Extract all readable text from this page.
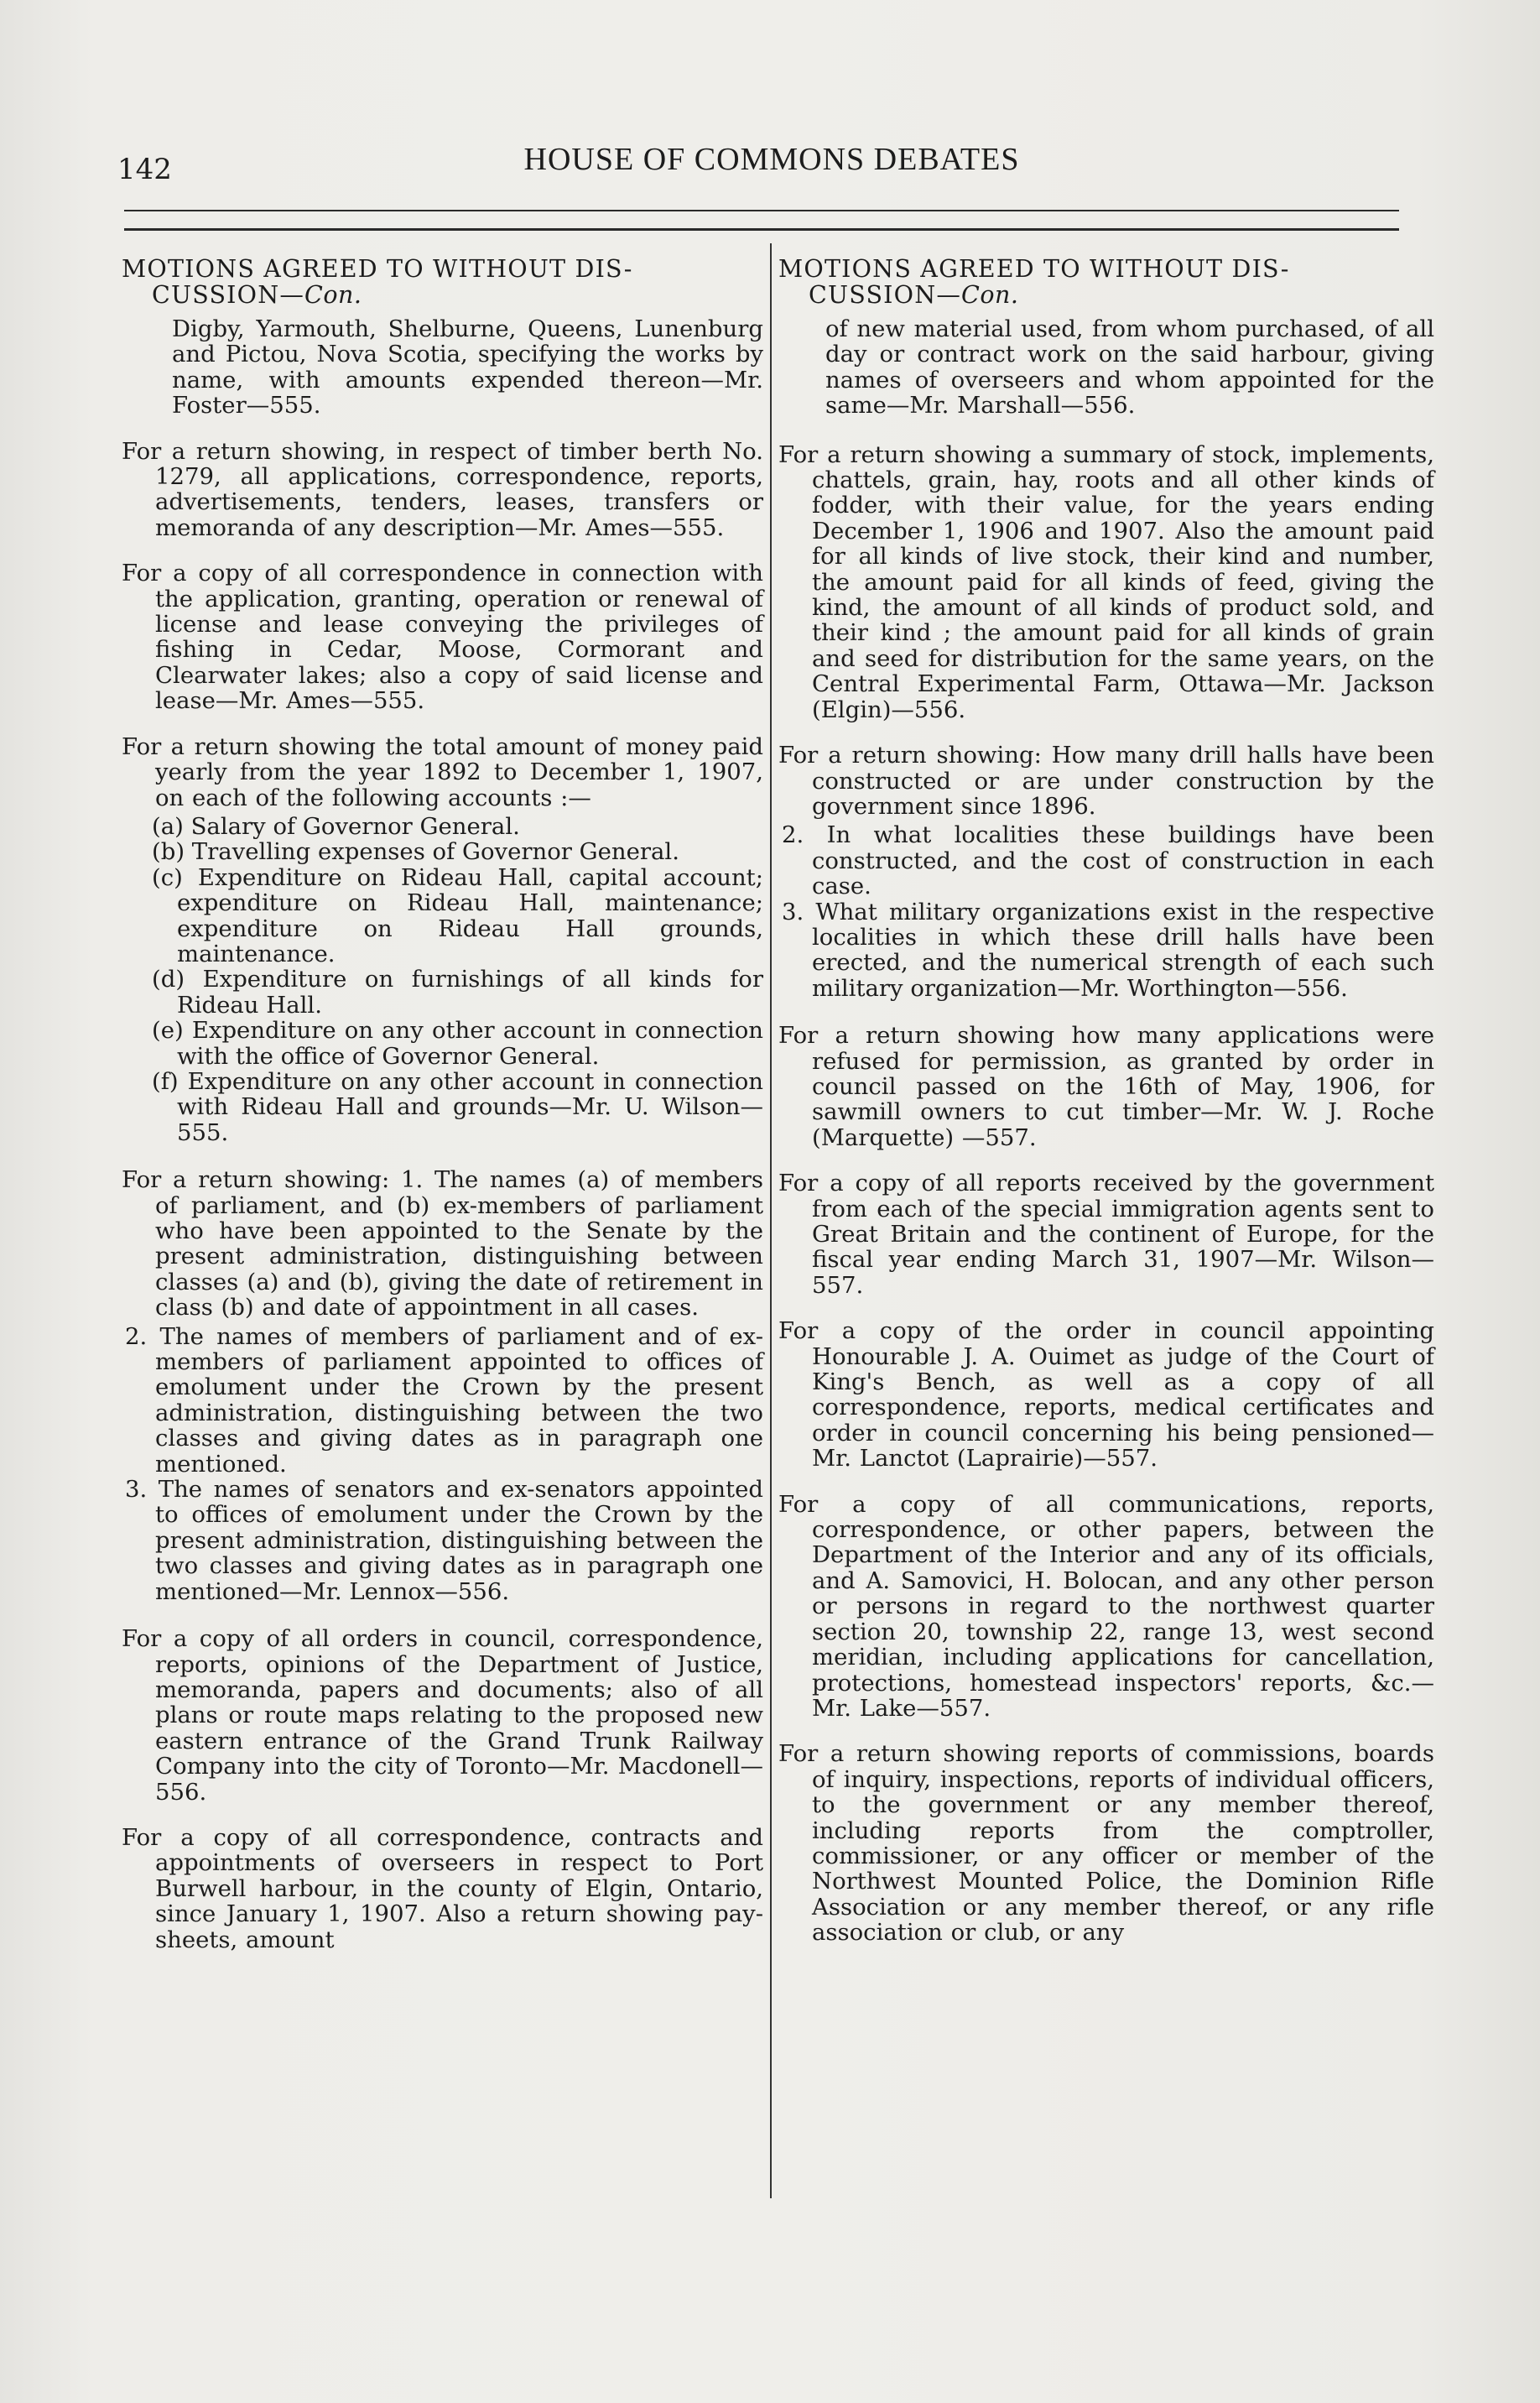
142	HOUSE OF COMMONS DEBATES
MOTIONS AGREED TO WITHOUT DIS-
CUSSION—Con.

Digby, Yarmouth, Shelburne, Queens, Lunenburg and Pictou, Nova Scotia, specifying the works by name, with amounts expended thereon—Mr. Foster—555.

For a return showing, in respect of timber berth No. 1279, all applications, correspondence, reports, advertisements, tenders, leases, transfers or memoranda of any description—Mr. Ames—555.

For a copy of all correspondence in connection with the application, granting, operation or renewal of license and lease conveying the privileges of fishing in Cedar, Moose, Cormorant and Clearwater lakes; also a copy of said license and lease—Mr. Ames—555.

For a return showing the total amount of money paid yearly from the year 1892 to December 1, 1907, on each of the following accounts :—

(a) Salary of Governor General.

(b) Travelling expenses of Governor General.

(c) Expenditure on Rideau Hall, capital account; expenditure on Rideau Hall, maintenance; expenditure on Rideau Hall grounds, maintenance.

(d) Expenditure on furnishings of all kinds for Rideau Hall.

(e) Expenditure on any other account in connection with the office of Governor General.

(f) Expenditure on any other account in connection with Rideau Hall and grounds—Mr. U. Wilson—555.

For a return showing: 1. The names (a) of members of parliament, and (b) ex-members of parliament who have been appointed to the Senate by the present administration, distinguishing between classes (a) and (b), giving the date of retirement in class (b) and date of appointment in all cases.

2. The names of members of parliament and of ex-members of parliament appointed to offices of emolument under the Crown by the present administration, distinguishing between the two classes and giving dates as in paragraph one mentioned.

3. The names of senators and ex-senators appointed to offices of emolument under the Crown by the present administration, distinguishing between the two classes and giving dates as in paragraph one mentioned—Mr. Lennox—556.

For a copy of all orders in council, correspondence, reports, opinions of the Department of Justice, memoranda, papers and documents; also of all plans or route maps relating to the proposed new eastern entrance of the Grand Trunk Railway Company into the city of Toronto—Mr. Macdonell—556.

For a copy of all correspondence, contracts and appointments of overseers in respect to Port Burwell harbour, in the county of Elgin, Ontario, since January 1, 1907. Also a return showing pay-sheets, amount

MOTIONS AGREED TO WITHOUT DIS-
CUSSION—Con.

of new material used, from whom purchased, of all day or contract work on the said harbour, giving names of overseers and whom appointed for the same—Mr. Marshall—556.

For a return showing a summary of stock, implements, chattels, grain, hay, roots and all other kinds of fodder, with their value, for the years ending December 1, 1906 and 1907. Also the amount paid for all kinds of live stock, their kind and number, the amount paid for all kinds of feed, giving the kind, the amount of all kinds of product sold, and their kind ; the amount paid for all kinds of grain and seed for distribution for the same years, on the Central Experimental Farm, Ottawa—Mr. Jackson (Elgin)—556.

For a return showing: How many drill halls have been constructed or are under construction by the government since 1896.

2. In what localities these buildings have been constructed, and the cost of construction in each case.

3. What military organizations exist in the respective localities in which these drill halls have been erected, and the numerical strength of each such military organization—Mr. Worthington—556.

For a return showing how many applications were refused for permission, as granted by order in council passed on the 16th of May, 1906, for sawmill owners to cut timber—Mr. W. J. Roche (Marquette) —557.

For a copy of all reports received by the government from each of the special immigration agents sent to Great Britain and the continent of Europe, for the fiscal year ending March 31, 1907—Mr. Wilson—557.

For a copy of the order in council appointing Honourable J. A. Ouimet as judge of the Court of King's Bench, as well as a copy of all correspondence, reports, medical certificates and order in council concerning his being pensioned—Mr. Lanctot (Laprairie)—557.

For a copy of all communications, reports, correspondence, or other papers, between the Department of the Interior and any of its officials, and A. Samovici, H. Bolocan, and any other person or persons in regard to the northwest quarter section 20, township 22, range 13, west second meridian, including applications for cancellation, protections, homestead inspectors' reports, &c.—Mr. Lake—557.

For a return showing reports of commissions, boards of inquiry, inspections, reports of individual officers, to the government or any member thereof, including reports from the comptroller, commissioner, or any officer or member of the Northwest Mounted Police, the Dominion Rifle Association or any member thereof, or any rifle association or club, or any
